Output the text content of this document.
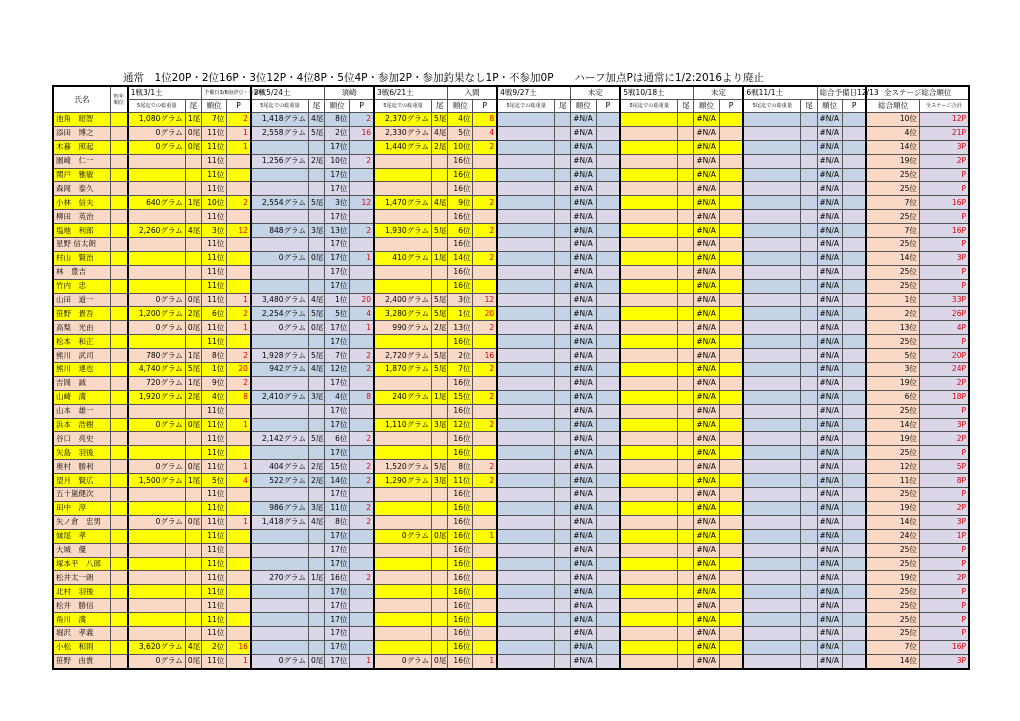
通常　1位20P・2位16P・3位12P・4位8P・5位4P・参加2P・参加釣果なし1P・不参加0P　　ハーフ加点Pは通常に1/2:2016より廃止
氏名	昨年順位	1戦3/1土		予備日3/8南伊豆・石廊崎		2戦5/24土		須崎		3戦6/21土		入間		4戦9/27土		未定		5戦10/18土		未定		6戦11/1土		総合予備日12/13		全ステージ総合順位	
		5尾迄での総重量	尾	順位	P	5尾迄での総重量	尾	順位	P	5尾迄での総重量	尾	順位	P	5尾迄での総重量	尾	順位	P	5尾迄での総重量	尾	順位	P	5尾迄での総重量	尾	順位	P	総合順位	全ステージ合計
池角　昭智		1,080グラム	1尾	7位	2	1,418グラム	4尾	8位	2	2,370グラム	5尾	4位	8			#N/A				#N/A				#N/A		10位	12P
添田　博之		0グラム	0尾	11位	1	2,558グラム	5尾	2位	16	2,330グラム	4尾	5位	4			#N/A				#N/A				#N/A		4位	21P
木暮　照起		0グラム	0尾	11位	1			17位		1,440グラム	2尾	10位	2			#N/A				#N/A				#N/A		14位	3P
園崎　仁一				11位		1,256グラム	2尾	10位	2			16位				#N/A				#N/A				#N/A		19位	2P
関戸　雅敏				11位				17位				16位				#N/A				#N/A				#N/A		25位	P
森岡　泰久				11位				17位				16位				#N/A				#N/A				#N/A		25位	P
小林　信夫		640グラム	1尾	10位	2	2,554グラム	5尾	3位	12	1,470グラム	4尾	9位	2			#N/A				#N/A				#N/A		7位	16P
柳田　英治				11位				17位				16位				#N/A				#N/A				#N/A		25位	P
塩地　利郎		2,260グラム	4尾	3位	12	848グラム	3尾	13位	2	1,930グラム	5尾	6位	2			#N/A				#N/A				#N/A		7位	16P
星野 信太朗				11位				17位				16位				#N/A				#N/A				#N/A		25位	P
村山　賢治				11位		0グラム	0尾	17位	1	410グラム	1尾	14位	2			#N/A				#N/A				#N/A		14位	3P
林　豊吉				11位				17位				16位				#N/A				#N/A				#N/A		25位	P
竹内　忠				11位				17位				16位				#N/A				#N/A				#N/A		25位	P
山田　道一		0グラム	0尾	11位	1	3,480グラム	4尾	1位	20	2,400グラム	5尾	3位	12			#N/A				#N/A				#N/A		1位	33P
笹野　貴吾		1,200グラム	2尾	6位	2	2,254グラム	5尾	5位	4	3,280グラム	5尾	1位	20			#N/A				#N/A				#N/A		2位	26P
高梨　光由		0グラム	0尾	11位	1	0グラム	0尾	17位	1	990グラム	2尾	13位	2			#N/A				#N/A				#N/A		13位	4P
松本　和正				11位				17位				16位				#N/A				#N/A				#N/A		25位	P
熊川　武司		780グラム	1尾	8位	2	1,928グラム	5尾	7位	2	2,720グラム	5尾	2位	16			#N/A				#N/A				#N/A		5位	20P
熊川　達也		4,740グラム	5尾	1位	20	942グラム	4尾	12位	2	1,870グラム	5尾	7位	2			#N/A				#N/A				#N/A		3位	24P
吉岡　誠		720グラム	1尾	9位	2			17位				16位				#N/A				#N/A				#N/A		19位	2P
山崎　満		1,920グラム	2尾	4位	8	2,410グラム	3尾	4位	8	240グラム	1尾	15位	2			#N/A				#N/A				#N/A		6位	18P
山本　雄一				11位				17位				16位				#N/A				#N/A				#N/A		25位	P
浜本　浩樹		0グラム	0尾	11位	1			17位		1,110グラム	3尾	12位	2			#N/A				#N/A				#N/A		14位	3P
谷口　亮史				11位		2,142グラム	5尾	6位	2			16位				#N/A				#N/A				#N/A		19位	2P
矢島　羽後				11位				17位				16位				#N/A				#N/A				#N/A		25位	P
奥村　勝利		0グラム	0尾	11位	1	404グラム	2尾	15位	2	1,520グラム	5尾	8位	2			#N/A				#N/A				#N/A		12位	5P
望月　賢広		1,500グラム	1尾	5位	4	522グラム	2尾	14位	2	1,290グラム	3尾	11位	2			#N/A				#N/A				#N/A		11位	8P
五十嵐健次				11位				17位				16位				#N/A				#N/A				#N/A		25位	P
田中　淳				11位		986グラム	3尾	11位	2			16位				#N/A				#N/A				#N/A		19位	2P
矢ノ倉　忠男		0グラム	0尾	11位	1	1,418グラム	4尾	8位	2			16位				#N/A				#N/A				#N/A		14位	3P
妹尾　孝				11位				17位		0グラム	0尾	16位	1			#N/A				#N/A				#N/A		24位	1P
大城　優				11位				17位				16位				#N/A				#N/A				#N/A		25位	P
塚本平　八郎				11位				17位				16位				#N/A				#N/A				#N/A		25位	P
松井太一朗				11位		270グラム	1尾	16位	2			16位				#N/A				#N/A				#N/A		19位	2P
北村　羽後				11位				17位				16位				#N/A				#N/A				#N/A		25位	P
松井　勝信				11位				17位				16位				#N/A				#N/A				#N/A		25位	P
角川　満				11位				17位				16位				#N/A				#N/A				#N/A		25位	P
堀沢　孝義				11位				17位				16位				#N/A				#N/A				#N/A		25位	P
小松　和則		3,620グラム	4尾	2位	16			17位				16位				#N/A				#N/A				#N/A		7位	16P
笹野　由貴		0グラム	0尾	11位	1	0グラム	0尾	17位	1	0グラム	0尾	16位	1			#N/A				#N/A				#N/A		14位	3P
